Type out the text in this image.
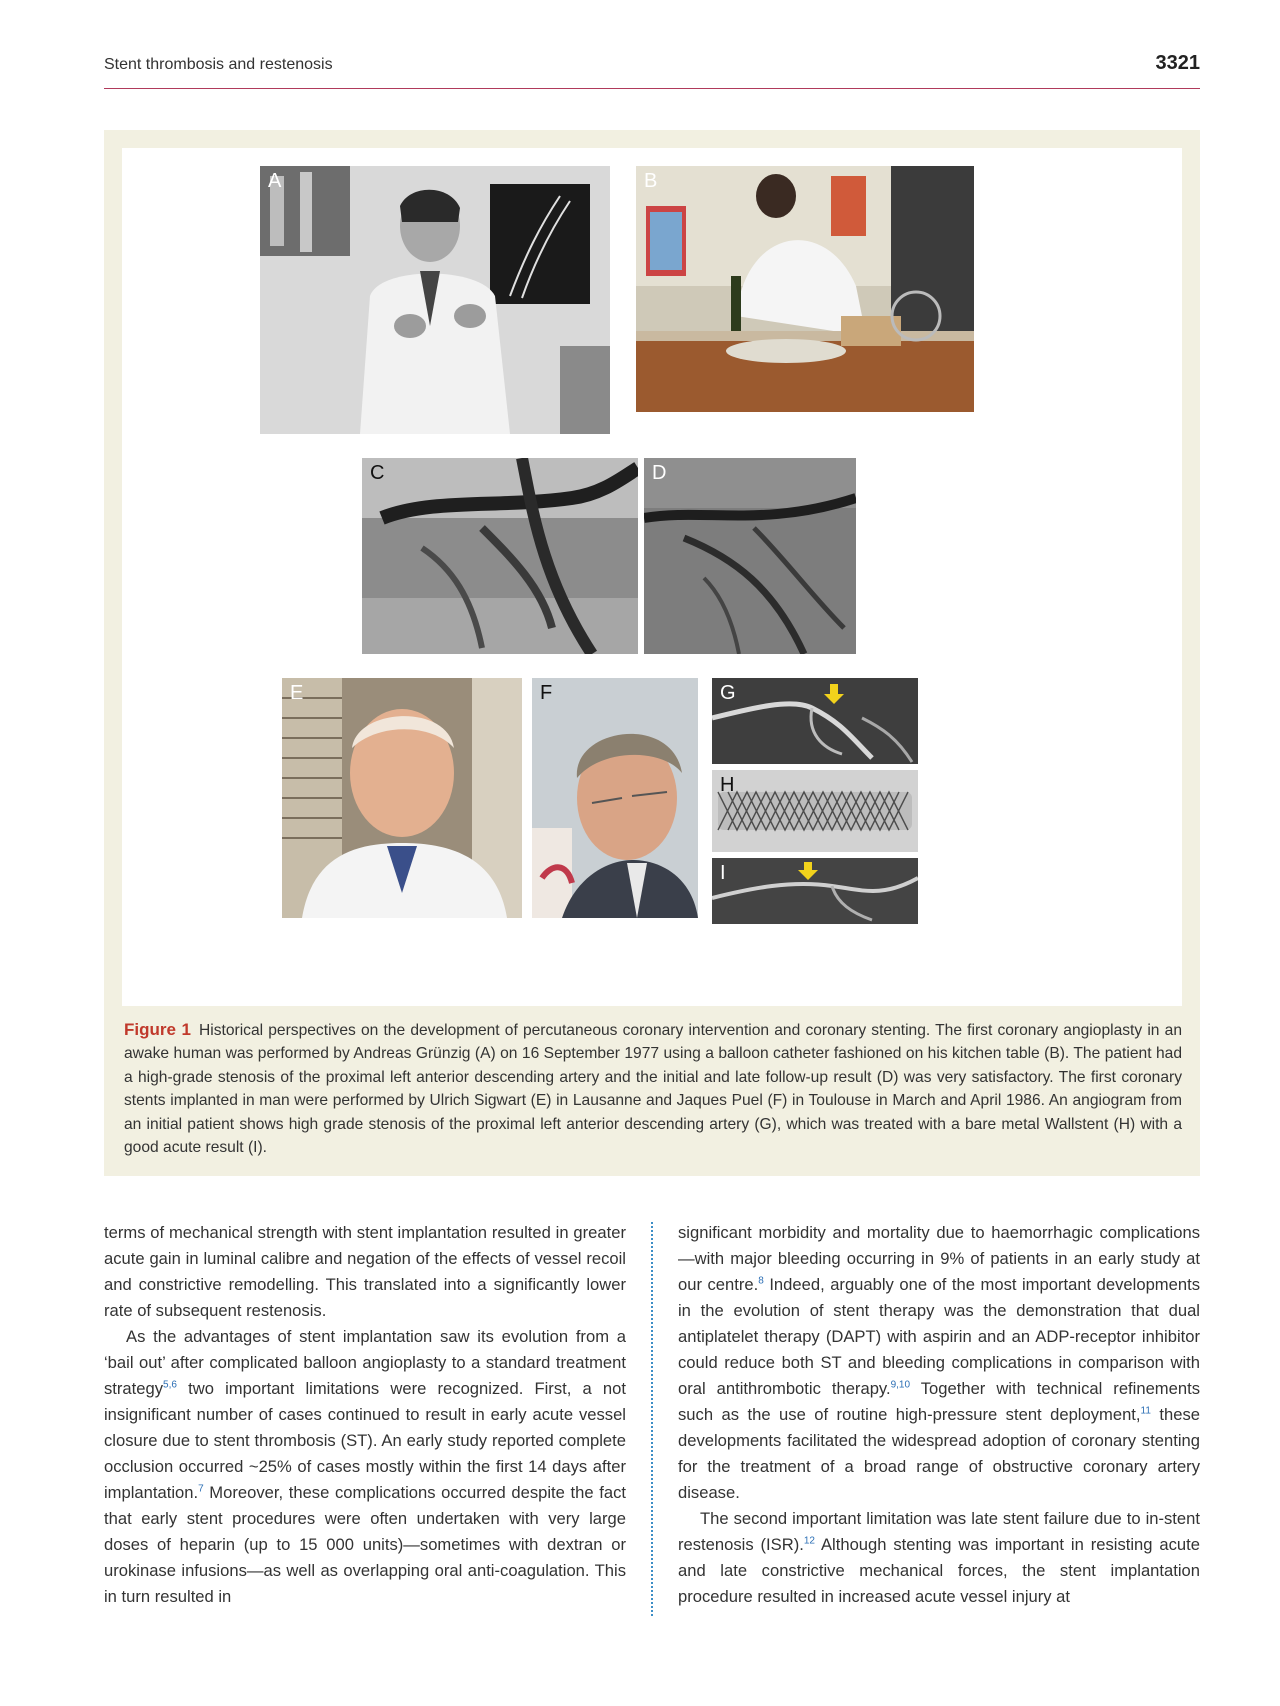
Stent thrombosis and restenosis	3321
A	B
C	D
E	F	G
H
I
Figure 1 Historical perspectives on the development of percutaneous coronary intervention and coronary stenting. The first coronary angioplasty in an awake human was performed by Andreas Grünzig (A) on 16 September 1977 using a balloon catheter fashioned on his kitchen table (B). The patient had a high-grade stenosis of the proximal left anterior descending artery and the initial and late follow-up result (D) was very satisfactory. The first coronary stents implanted in man were performed by Ulrich Sigwart (E) in Lausanne and Jaques Puel (F) in Toulouse in March and April 1986. An angiogram from an initial patient shows high grade stenosis of the proximal left anterior descending artery (G), which was treated with a bare metal Wallstent (H) with a good acute result (I).

terms of mechanical strength with stent implantation resulted in greater acute gain in luminal calibre and negation of the effects of vessel recoil and constrictive remodelling. This translated into a significantly lower rate of subsequent restenosis.

As the advantages of stent implantation saw its evolution from a ‘bail out’ after complicated balloon angioplasty to a standard treatment strategy$^{5,6}$ two important limitations were recognized. First, a not insignificant number of cases continued to result in early acute vessel closure due to stent thrombosis (ST). An early study reported complete occlusion occurred ~25% of cases mostly within the first 14 days after implantation.$^7$ Moreover, these complications occurred despite the fact that early stent procedures were often undertaken with very large doses of heparin (up to 15 000 units)—sometimes with dextran or urokinase infusions—as well as overlapping oral anti-coagulation. This in turn resulted in

significant morbidity and mortality due to haemorrhagic complications—with major bleeding occurring in 9% of patients in an early study at our centre.$^8$ Indeed, arguably one of the most important developments in the evolution of stent therapy was the demonstration that dual antiplatelet therapy (DAPT) with aspirin and an ADP-receptor inhibitor could reduce both ST and bleeding complications in comparison with oral antithrombotic therapy.$^{9,10}$ Together with technical refinements such as the use of routine high-pressure stent deployment,$^{11}$ these developments facilitated the widespread adoption of coronary stenting for the treatment of a broad range of obstructive coronary artery disease.

The second important limitation was late stent failure due to in-stent restenosis (ISR).$^{12}$ Although stenting was important in resisting acute and late constrictive mechanical forces, the stent implantation procedure resulted in increased acute vessel injury at
